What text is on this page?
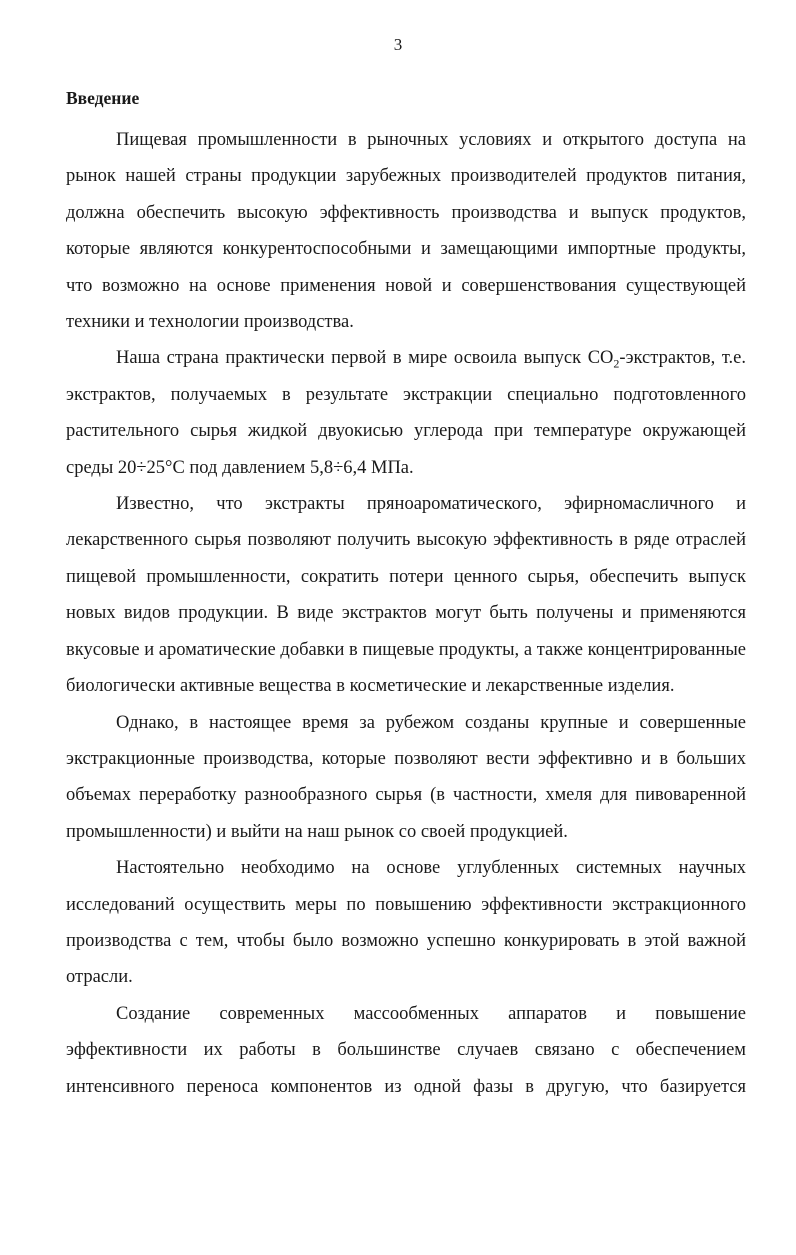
3
Введение

Пищевая промышленности в рыночных условиях и открытого доступа на рынок нашей страны продукции зарубежных производителей продуктов питания, должна обеспечить высокую эффективность производства и выпуск продуктов, которые являются конкурентоспособными и замещающими импортные продукты, что возможно на основе применения новой и совершенствования существующей техники и технологии производства.

Наша страна практически первой в мире освоила выпуск $CO_2$-экстрактов, т.е. экстрактов, получаемых в результате экстракции специально подготовленного растительного сырья жидкой двуокисью углерода при температуре окружающей среды 20÷25°С под давлением 5,8÷6,4 МПа.

Известно, что экстракты пряноароматического, эфирномасличного и лекарственного сырья позволяют получить высокую эффективность в ряде отраслей пищевой промышленности, сократить потери ценного сырья, обеспечить выпуск новых видов продукции. В виде экстрактов могут быть получены и применяются вкусовые и ароматические добавки в пищевые продукты, а также концентрированные биологически активные вещества в косметические и лекарственные изделия.

Однако, в настоящее время за рубежом созданы крупные и совершенные экстракционные производства, которые позволяют вести эффективно и в больших объемах переработку разнообразного сырья (в частности, хмеля для пивоваренной промышленности) и выйти на наш рынок со своей продукцией.

Настоятельно необходимо на основе углубленных системных научных исследований осуществить меры по повышению эффективности экстракционного производства с тем, чтобы было возможно успешно конкурировать в этой важной отрасли.

Создание современных массообменных аппаратов и повышение эффективности их работы в большинстве случаев связано с обеспечением интенсивного переноса компонентов из одной фазы в другую, что базируется
